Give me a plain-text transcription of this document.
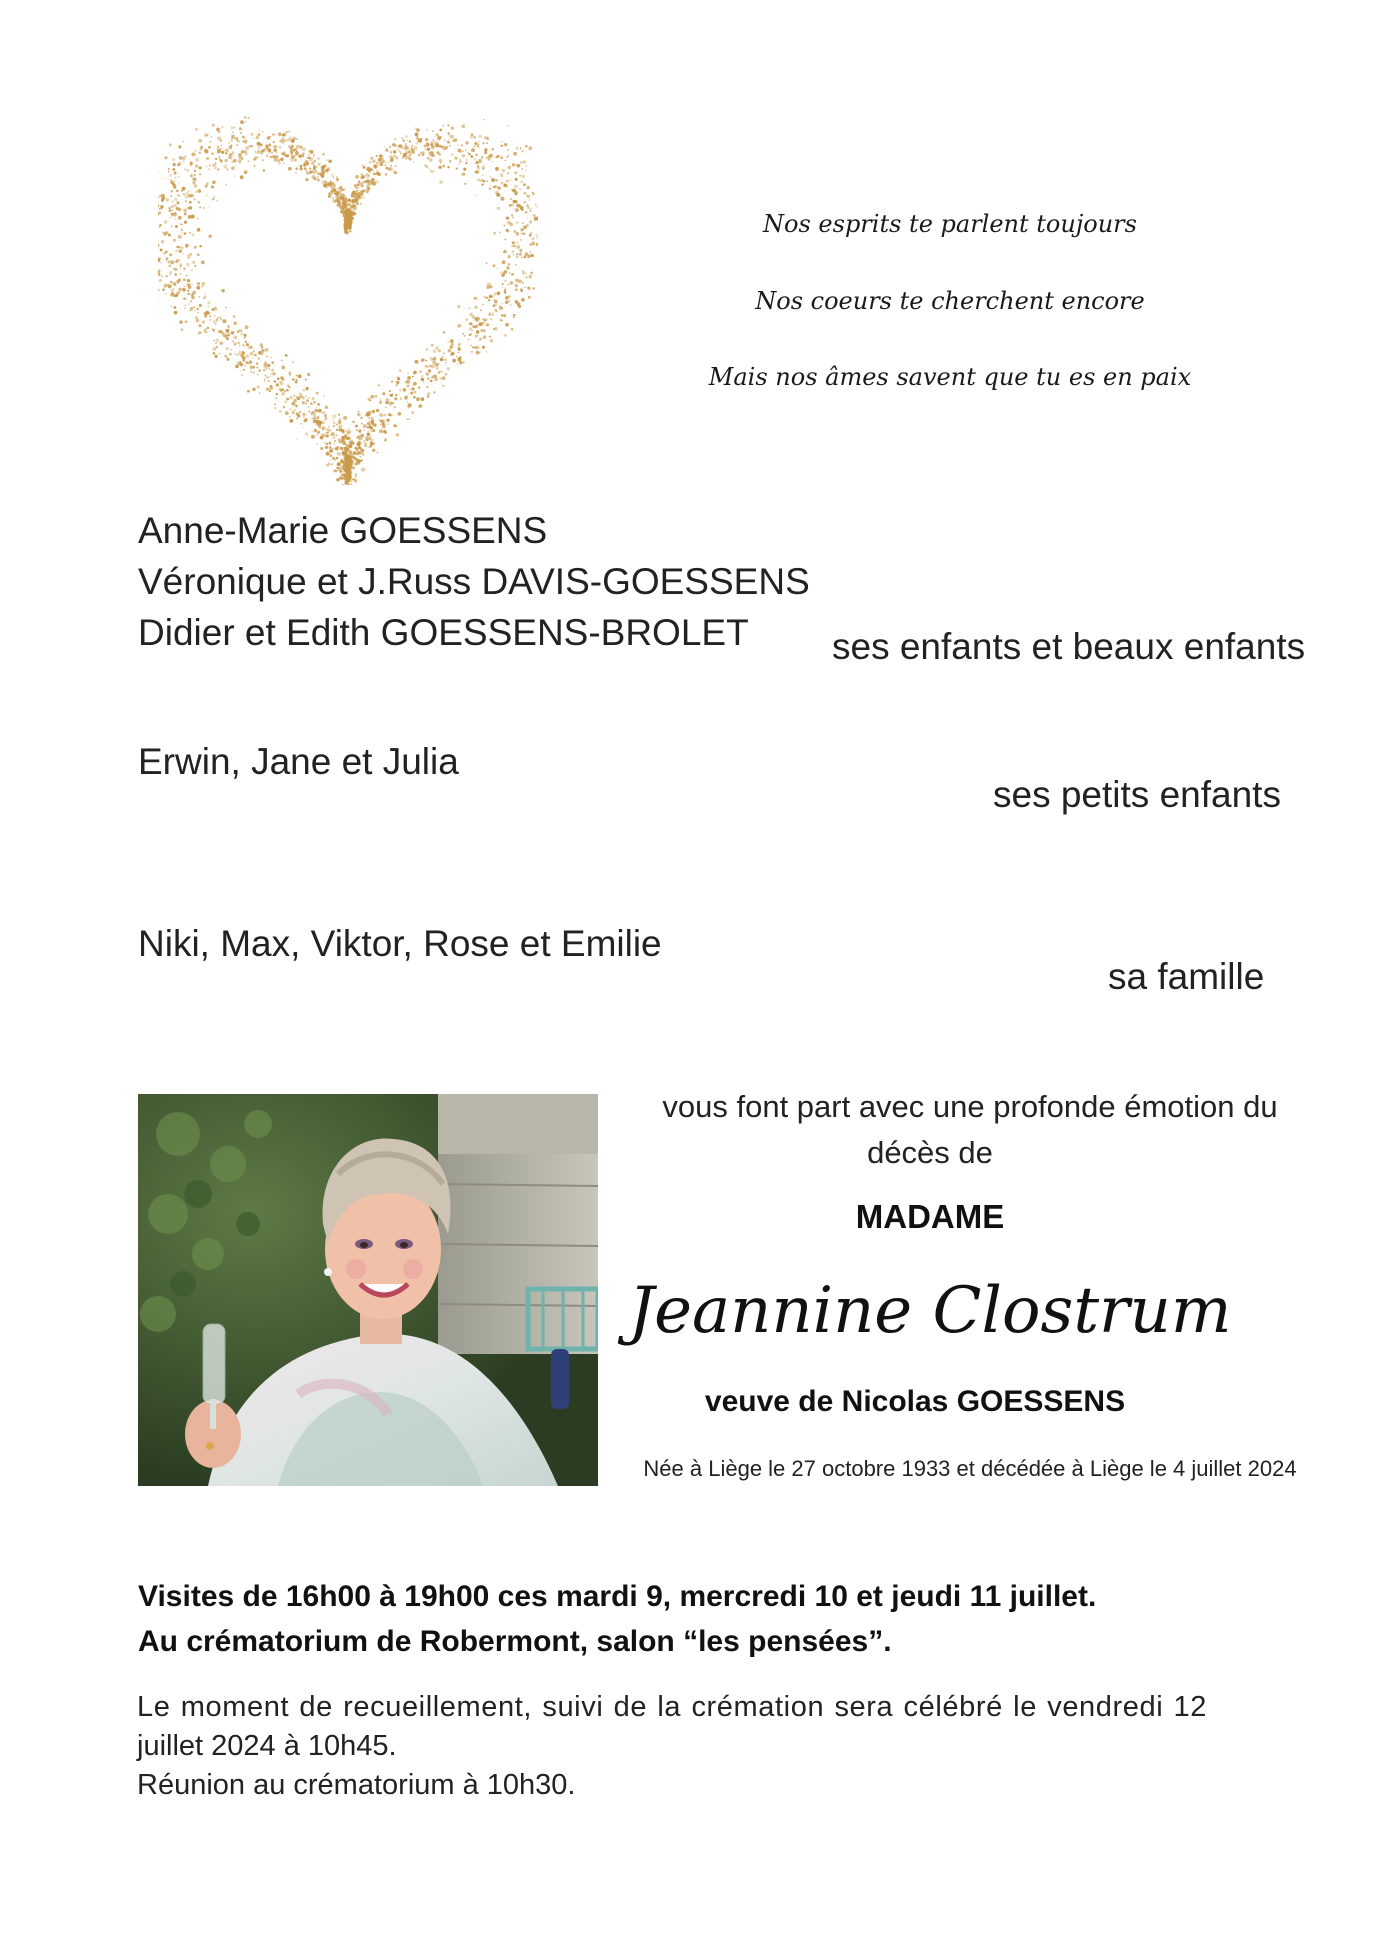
Nos esprits te parlent toujours
Nos coeurs te cherchent encore
Mais nos âmes savent que tu es en paix
Anne-Marie GOESSENS
Véronique et J.Russ DAVIS-GOESSENS
Didier et Edith GOESSENS-BROLET	ses enfants et beaux enfants
Erwin, Jane et Julia
ses petits enfants
Niki, Max, Viktor, Rose et Emilie
sa famille
vous font part avec une profonde émotion du
décès de
MADAME
Jeannine Clostrum
veuve de Nicolas GOESSENS
Née à Liège le 27 octobre 1933 et décédée à Liège le 4 juillet 2024
Visites de 16h00 à 19h00 ces mardi 9, mercredi 10 et jeudi 11 juillet.
Au crématorium de Robermont, salon “les pensées”.
Le moment de recueillement, suivi de la crémation sera célébré le vendredi 12
juillet 2024 à 10h45.
Réunion au crématorium à 10h30.
